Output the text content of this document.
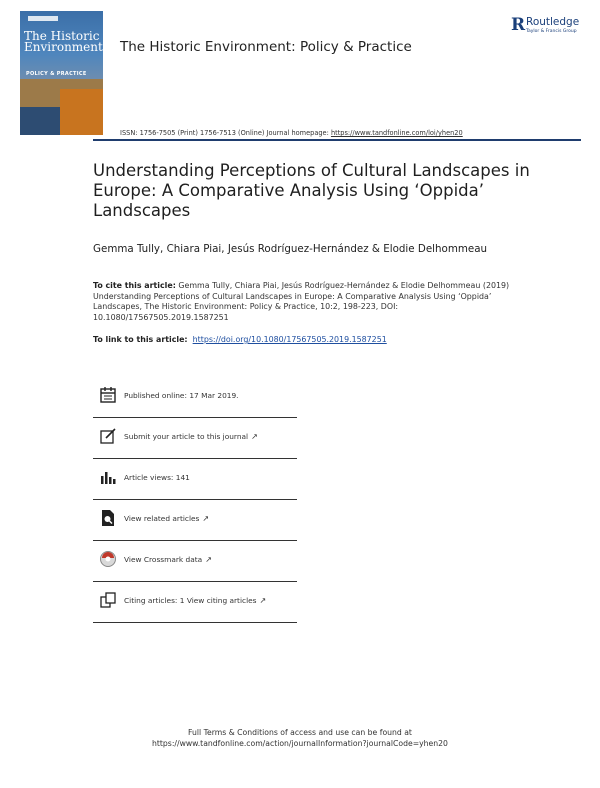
The Historic Environment
POLICY & PRACTICE
The Historic Environment: Policy & Practice
R Routledge
Taylor & Francis Group
ISSN: 1756-7505 (Print) 1756-7513 (Online) Journal homepage: https://www.tandfonline.com/loi/yhen20
Understanding Perceptions of Cultural Landscapes in Europe: A Comparative Analysis Using ‘Oppida’ Landscapes
Gemma Tully, Chiara Piai, Jesús Rodríguez-Hernández & Elodie Delhommeau
To cite this article: Gemma Tully, Chiara Piai, Jesús Rodríguez-Hernández & Elodie Delhommeau (2019) Understanding Perceptions of Cultural Landscapes in Europe: A Comparative Analysis Using ‘Oppida’ Landscapes, The Historic Environment: Policy & Practice, 10:2, 198-223, DOI: 10.1080/17567505.2019.1587251
To link to this article: https://doi.org/10.1080/17567505.2019.1587251
Published online: 17 Mar 2019.
Submit your article to this journal ↗
Article views: 141
View related articles ↗
View Crossmark data ↗
Citing articles: 1 View citing articles ↗
Full Terms & Conditions of access and use can be found at
https://www.tandfonline.com/action/journalInformation?journalCode=yhen20
